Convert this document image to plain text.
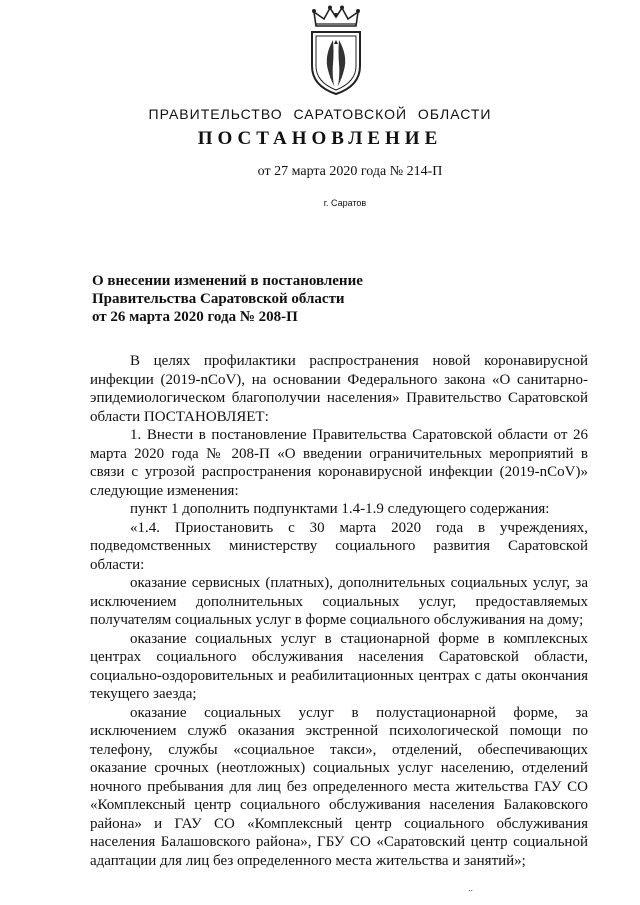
ПРАВИТЕЛЬСТВО САРАТОВСКОЙ ОБЛАСТИ
ПОСТАНОВЛЕНИЕ
от 27 марта 2020 года № 214-П
г. Саратов
О внесении изменений в постановление
Правительства Саратовской области
от 26 марта 2020 года № 208-П

В целях профилактики распространения новой коронавирусной инфекции (2019-nCoV), на основании Федерального закона «О санитарно-эпидемиологическом благополучии населения» Правительство Саратовской области ПОСТАНОВЛЯЕТ:

1. Внести в постановление Правительства Саратовской области от 26 марта 2020 года № 208-П «О введении ограничительных мероприятий в связи с угрозой распространения коронавирусной инфекции (2019-nCoV)» следующие изменения:

пункт 1 дополнить подпунктами 1.4-1.9 следующего содержания:

«1.4. Приостановить с 30 марта 2020 года в учреждениях, подведомственных министерству социального развития Саратовской области:

оказание сервисных (платных), дополнительных социальных услуг, за исключением дополнительных социальных услуг, предоставляемых получателям социальных услуг в форме социального обслуживания на дому;

оказание социальных услуг в стационарной форме в комплексных центрах социального обслуживания населения Саратовской области, социально-оздоровительных и реабилитационных центрах с даты окончания текущего заезда;

оказание социальных услуг в полустационарной форме, за исключением служб оказания экстренной психологической помощи по телефону, службы «социальное такси», отделений, обеспечивающих оказание срочных (неотложных) социальных услуг населению, отделений ночного пребывания для лиц без определенного места жительства ГАУ СО «Комплексный центр социального обслуживания населения Балаковского района» и ГАУ СО «Комплексный центр социального обслуживания населения Балашовского района», ГБУ СО «Саратовский центр социальной адаптации для лиц без определенного места жительства и занятий»;

..
